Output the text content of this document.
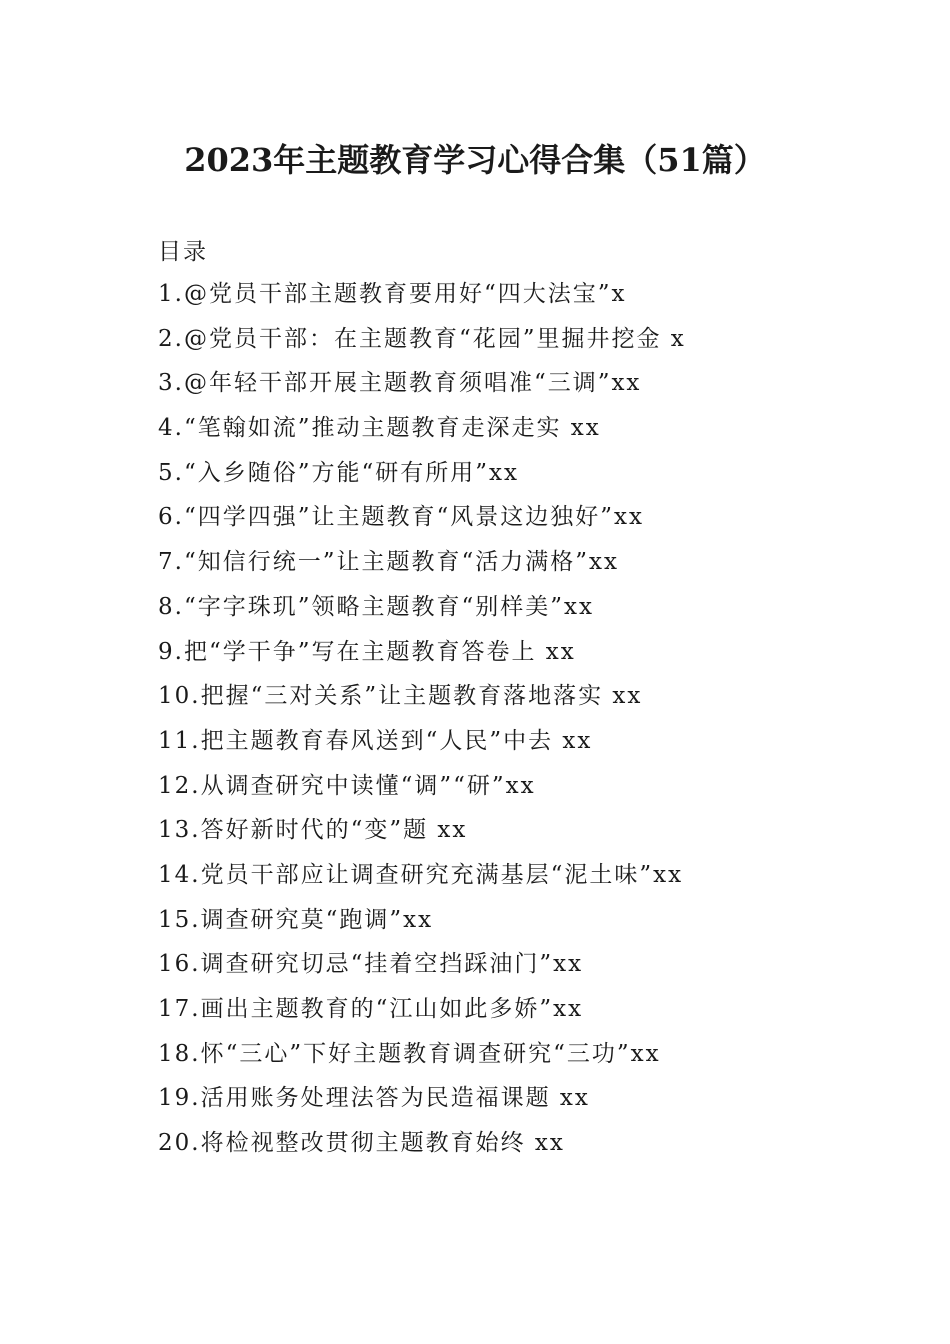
2023年主题教育学习心得合集（51篇）
目录
1.@党员干部主题教育要用好“四大法宝”x
2.@党员干部：在主题教育“花园”里掘井挖金 x
3.@年轻干部开展主题教育须唱准“三调”xx
4.“笔翰如流”推动主题教育走深走实 xx
5.“入乡随俗”方能“研有所用”xx
6.“四学四强”让主题教育“风景这边独好”xx
7.“知信行统一”让主题教育“活力满格”xx
8.“字字珠玑”领略主题教育“别样美”xx
9.把“学干争”写在主题教育答卷上 xx
10.把握“三对关系”让主题教育落地落实 xx
11.把主题教育春风送到“人民”中去 xx
12.从调查研究中读懂“调”“研”xx
13.答好新时代的“变”题 xx
14.党员干部应让调查研究充满基层“泥土味”xx
15.调查研究莫“跑调”xx
16.调查研究切忌“挂着空挡踩油门”xx
17.画出主题教育的“江山如此多娇”xx
18.怀“三心”下好主题教育调查研究“三功”xx
19.活用账务处理法答为民造福课题 xx
20.将检视整改贯彻主题教育始终 xx
